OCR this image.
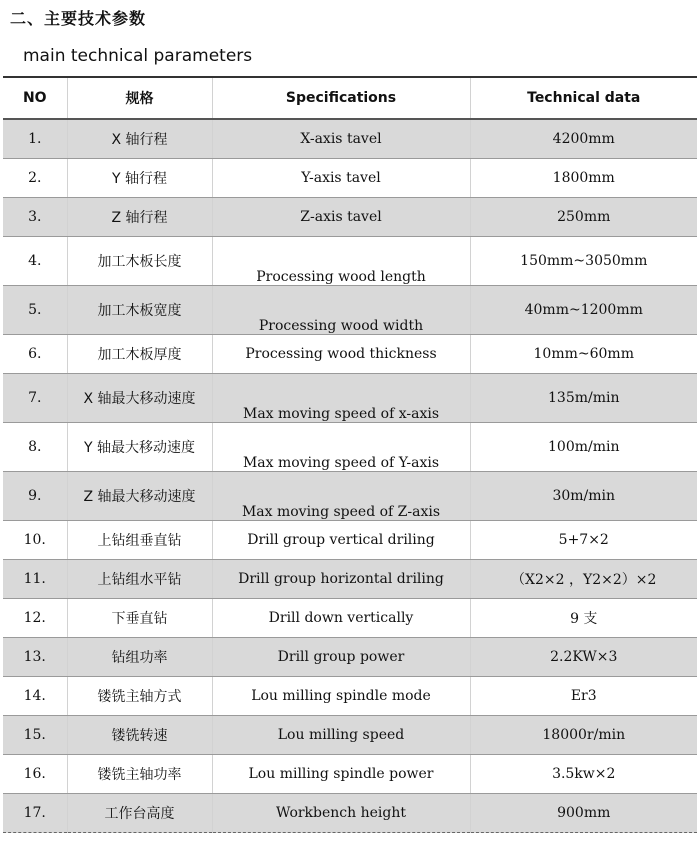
二、主要技术参数
main technical parameters
NO	规格	Specifications	Technical data
1.	X 轴行程	X-axis tavel	4200mm
2.	Y 轴行程	Y-axis tavel	1800mm
3.	Z 轴行程	Z-axis tavel	250mm
4.	加工木板长度	Processing wood length	150mm~3050mm
5.	加工木板宽度	Processing wood width	40mm~1200mm
6.	加工木板厚度	Processing wood thickness	10mm~60mm
7.	X 轴最大移动速度	Max moving speed of x-axis	135m/min
8.	Y 轴最大移动速度	Max moving speed of Y-axis	100m/min
9.	Z 轴最大移动速度	Max moving speed of Z-axis	30m/min
10.	上钻组垂直钻	Drill group vertical driling	5+7×2
11.	上钻组水平钻	Drill group horizontal driling	（X2×2 ，Y2×2）×2
12.	下垂直钻	Drill down vertically	9 支
13.	钻组功率	Drill group power	2.2KW×3
14.	镂铣主轴方式	Lou milling spindle mode	Er3
15.	镂铣转速	Lou milling speed	18000r/min
16.	镂铣主轴功率	Lou milling spindle power	3.5kw×2
17.	工作台高度	Workbench height	900mm
